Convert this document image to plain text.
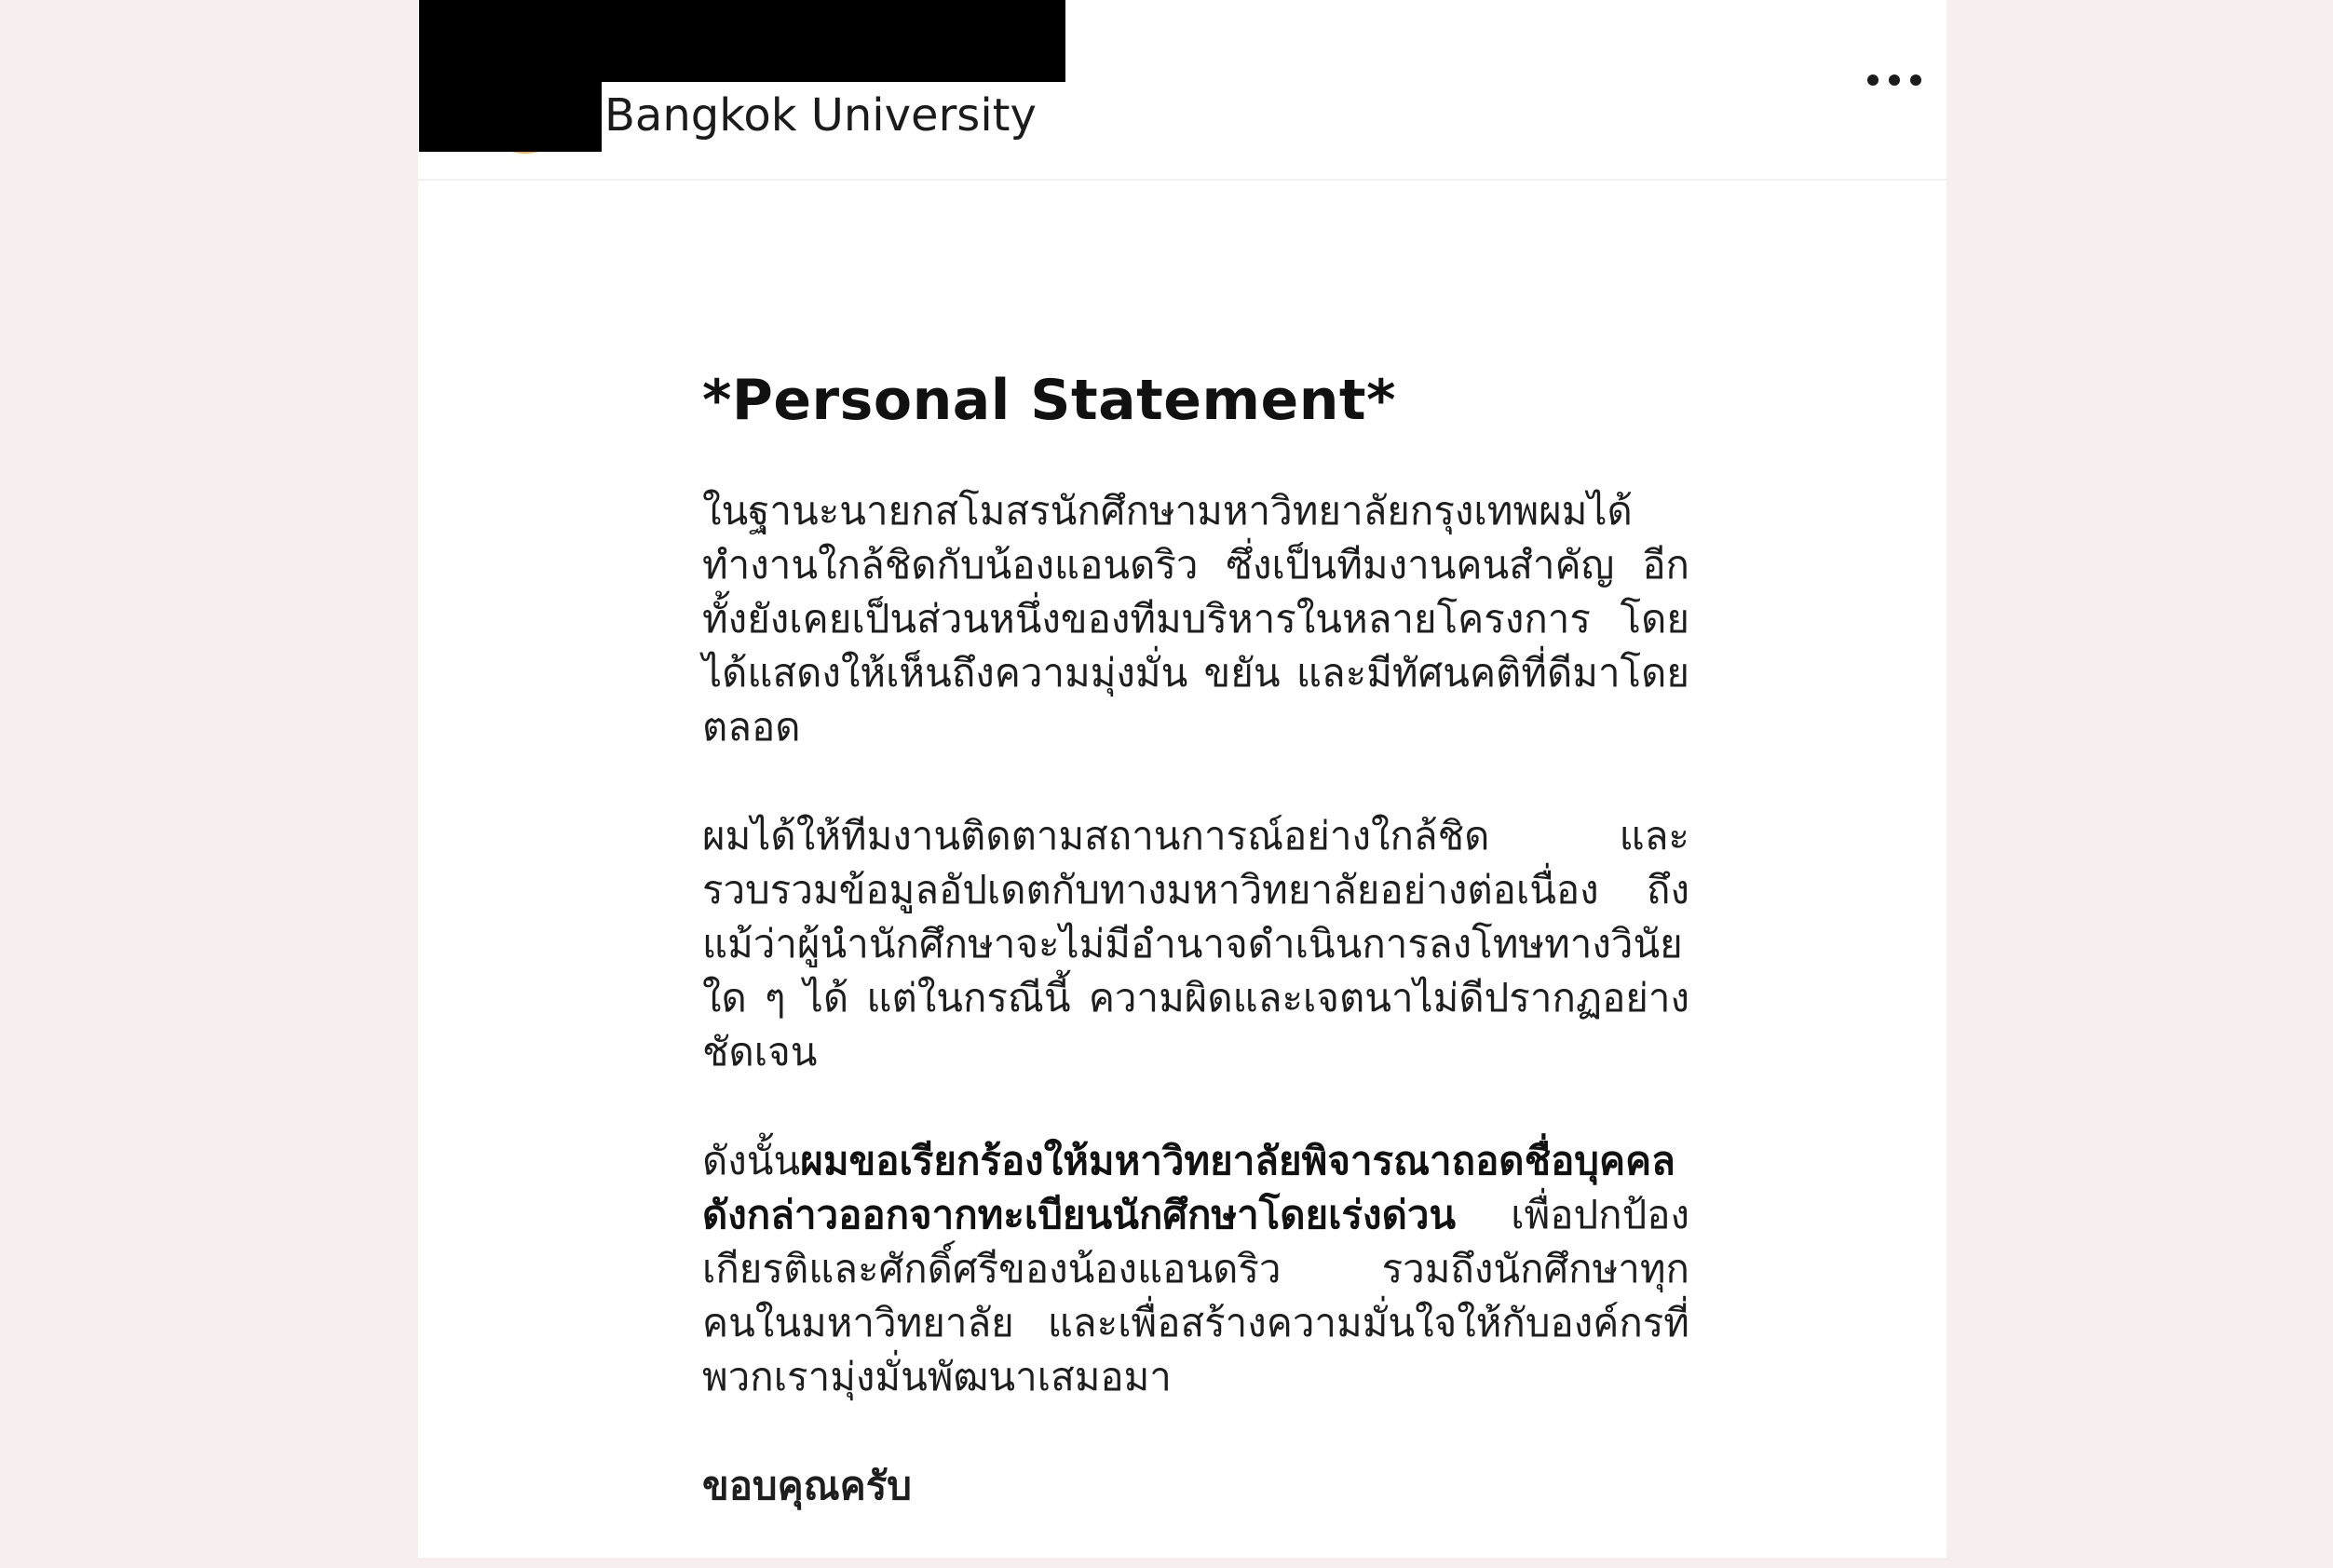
Bangkok University
*Personal Statement*

ในฐานะนายกสโมสรนักศึกษามหาวิทยาลัยกรุงเทพผมได้ทำงานใกล้ชิดกับน้องแอนดริว ซึ่งเป็นทีมงานคนสำคัญ อีกทั้งยังเคยเป็นส่วนหนึ่งของทีมบริหารในหลายโครงการ โดยได้แสดงให้เห็นถึงความมุ่งมั่น ขยัน และมีทัศนคติที่ดีมาโดยตลอด

ผมได้ให้ทีมงานติดตามสถานการณ์อย่างใกล้ชิด และรวบรวมข้อมูลอัปเดตกับทางมหาวิทยาลัยอย่างต่อเนื่อง ถึงแม้ว่าผู้นำนักศึกษาจะไม่มีอำนาจดำเนินการลงโทษทางวินัยใด ๆ ได้ แต่ในกรณีนี้ ความผิดและเจตนาไม่ดีปรากฏอย่างชัดเจน

ดังนั้นผมขอเรียกร้องให้มหาวิทยาลัยพิจารณาถอดชื่อบุคคลดังกล่าวออกจากทะเบียนนักศึกษาโดยเร่งด่วน เพื่อปกป้องเกียรติและศักดิ์ศรีของน้องแอนดริว รวมถึงนักศึกษาทุกคนในมหาวิทยาลัย และเพื่อสร้างความมั่นใจให้กับองค์กรที่พวกเรามุ่งมั่นพัฒนาเสมอมา

ขอบคุณครับ
